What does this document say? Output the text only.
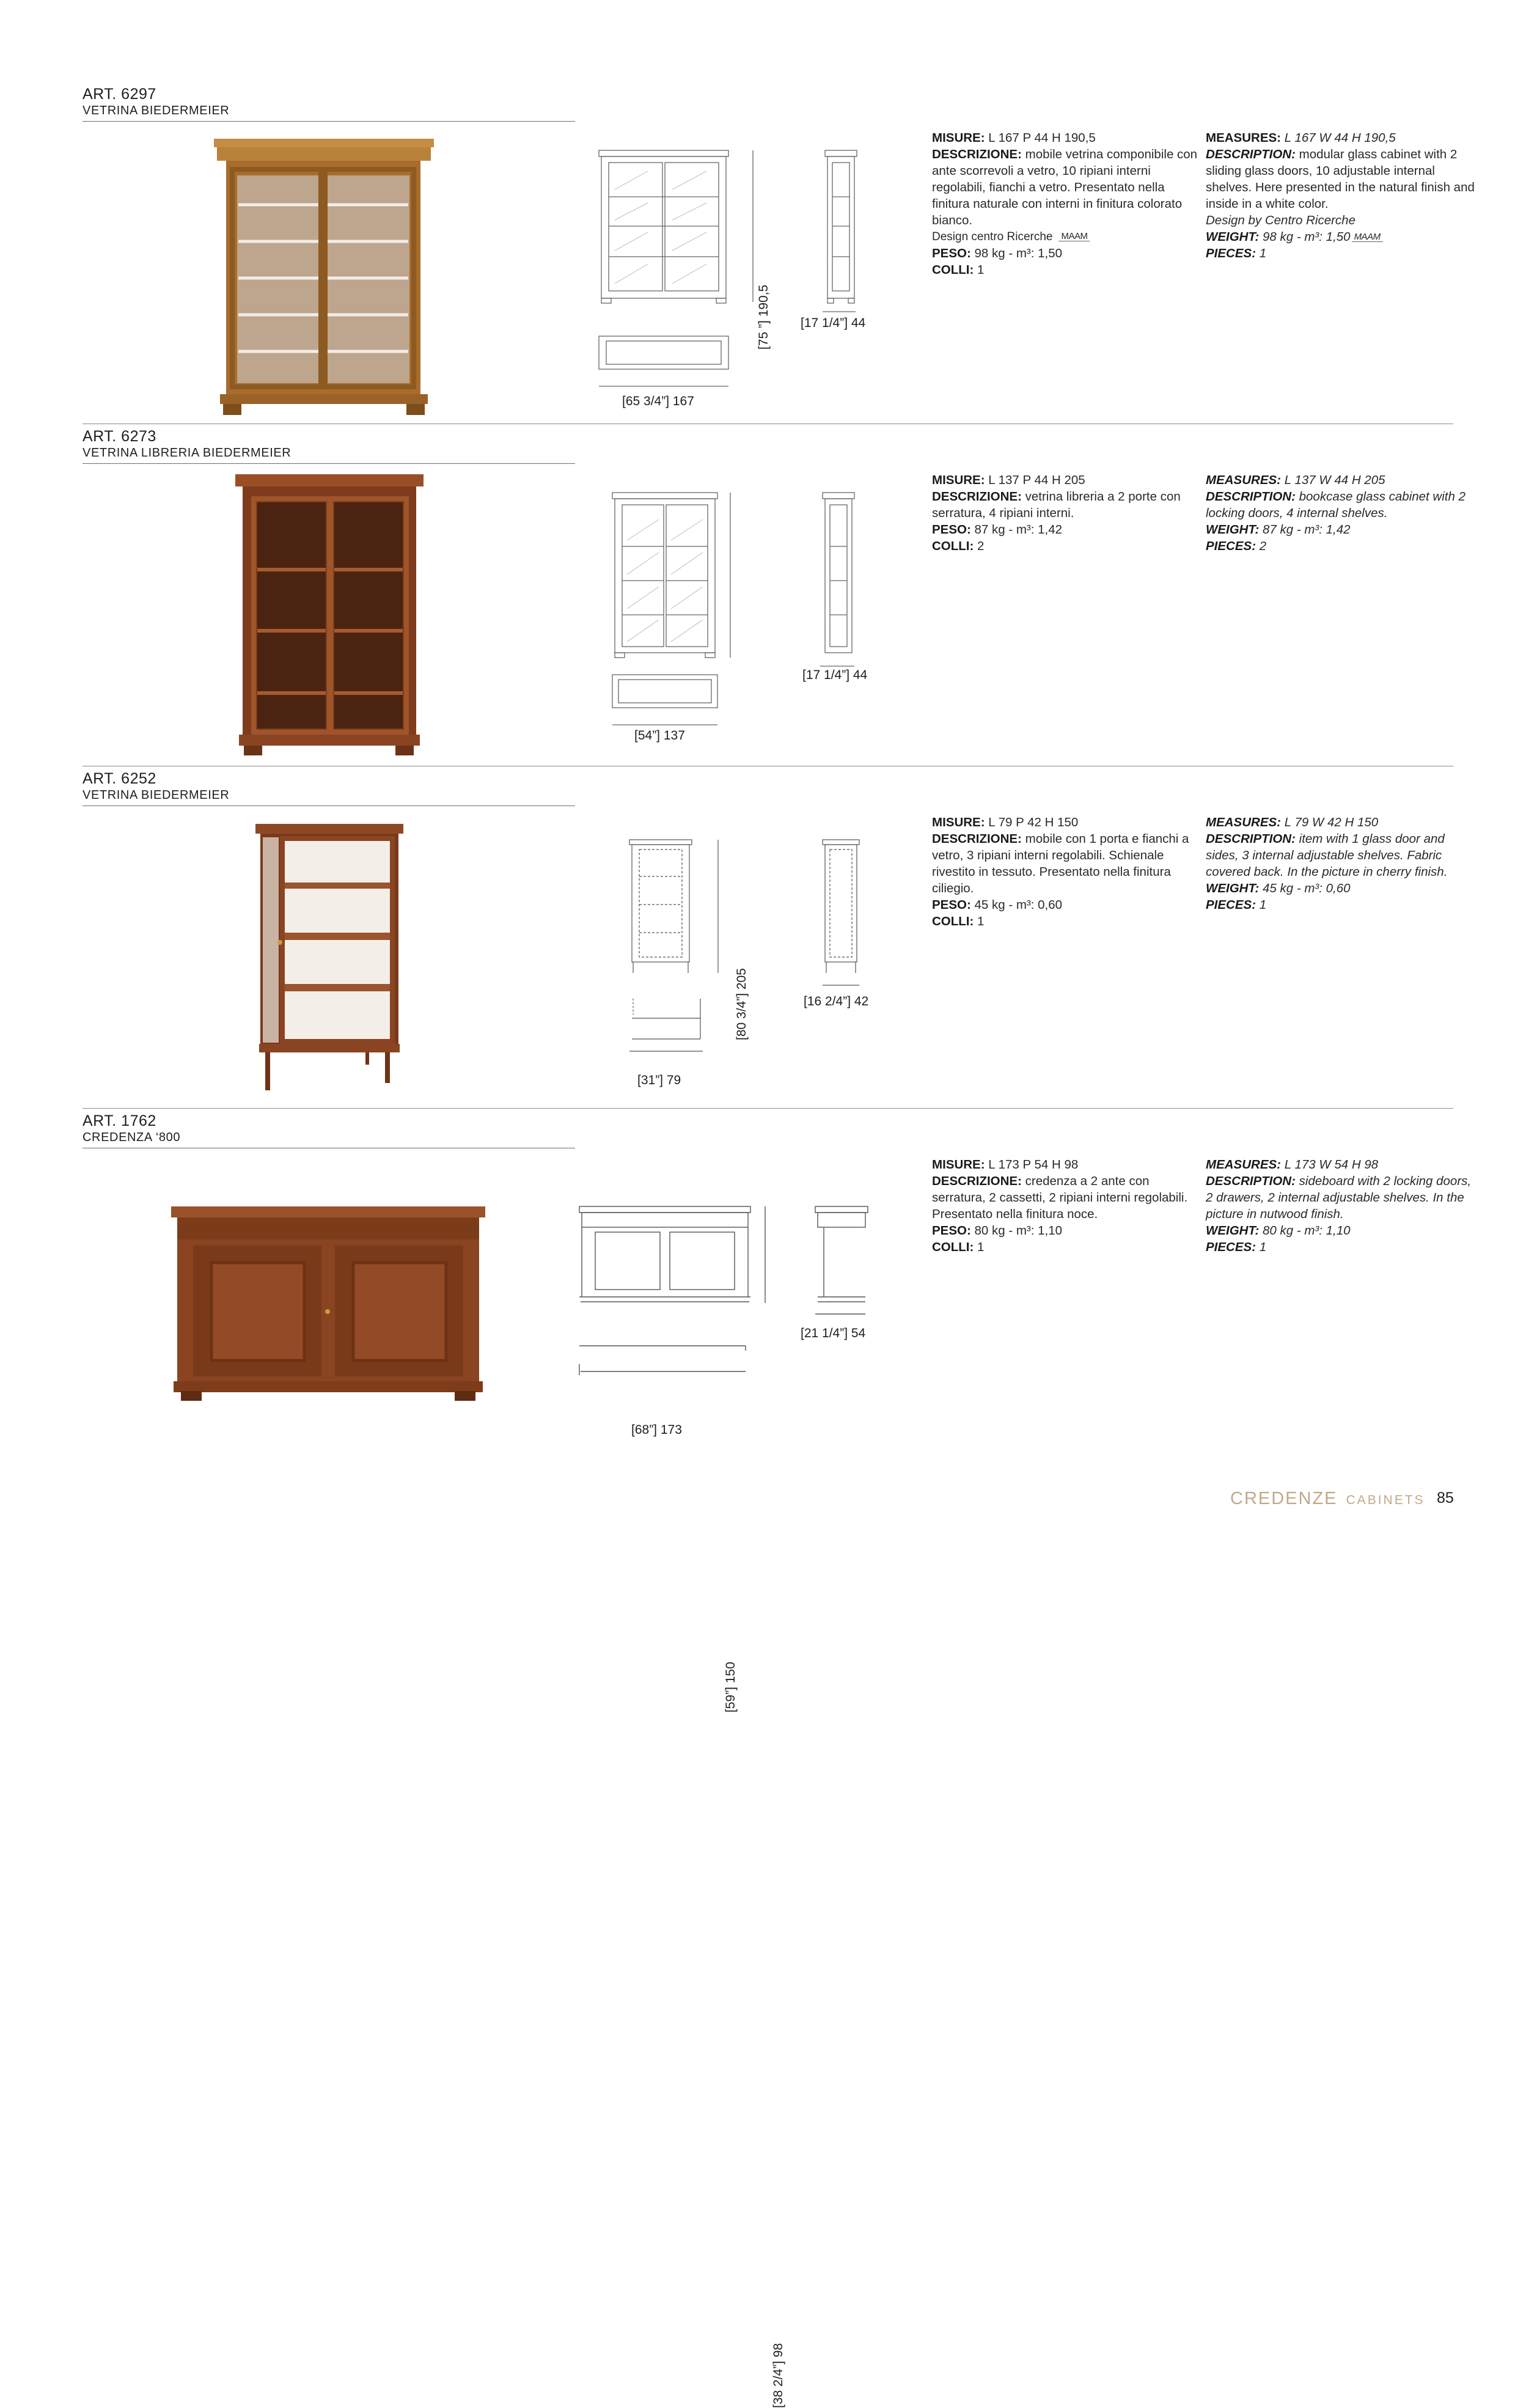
ART. 6297
VETRINA BIEDERMEIER
[75 ”] 190,5 [17 1/4”] 44
[65 3/4”] 167
MISURE: L 167 P 44 H 190,5
DESCRIZIONE: mobile vetrina componibile con ante scorrevoli a vetro, 10 ripiani interni regolabili, fianchi a vetro. Presentato nella finitura naturale con interni in finitura colorato bianco.
Design centro Ricerche MAAM
PESO: 98 kg - m³: 1,50
COLLI: 1
MEASURES: L 167 W 44 H 190,5
DESCRIPTION: modular glass cabinet with 2 sliding glass doors, 10 adjustable internal shelves. Here presented in the natural finish and inside in a white color.
Design by Centro Ricerche
WEIGHT: 98 kg - m³: 1,50 MAAM
PIECES: 1
ART. 6273
VETRINA LIBRERIA BIEDERMEIER
[80 3/4”] 205
[17 1/4”] 44
[54”] 137
MISURE: L 137 P 44 H 205
DESCRIZIONE: vetrina libreria a 2 porte con serratura, 4 ripiani interni.
PESO: 87 kg - m³: 1,42
COLLI: 2
MEASURES: L 137 W 44 H 205
DESCRIPTION: bookcase glass cabinet with 2 locking doors, 4 internal shelves.
WEIGHT: 87 kg - m³: 1,42
PIECES: 2
ART. 6252
VETRINA BIEDERMEIER
[59”] 150
[16 2/4”] 42
[31”] 79
MISURE: L 79 P 42 H 150
DESCRIZIONE: mobile con 1 porta e fianchi a vetro, 3 ripiani interni regolabili. Schienale rivestito in tessuto. Presentato nella finitura ciliegio.
PESO: 45 kg - m³: 0,60
COLLI: 1
MEASURES: L 79 W 42 H 150
DESCRIPTION: item with 1 glass door and sides, 3 internal adjustable shelves. Fabric covered back. In the picture in cherry finish.
WEIGHT: 45 kg - m³: 0,60
PIECES: 1
ART. 1762
CREDENZA ‘800
[38 2/4”] 98
[21 1/4”] 54
[68”] 173
MISURE: L 173 P 54 H 98
DESCRIZIONE: credenza a 2 ante con serratura, 2 cassetti, 2 ripiani interni regolabili. Presentato nella finitura noce.
PESO: 80 kg - m³: 1,10
COLLI: 1
MEASURES: L 173 W 54 H 98
DESCRIPTION: sideboard with 2 locking doors, 2 drawers, 2 internal adjustable shelves. In the picture in nutwood finish.
WEIGHT: 80 kg - m³: 1,10
PIECES: 1
CREDENZE CABINETS 85
